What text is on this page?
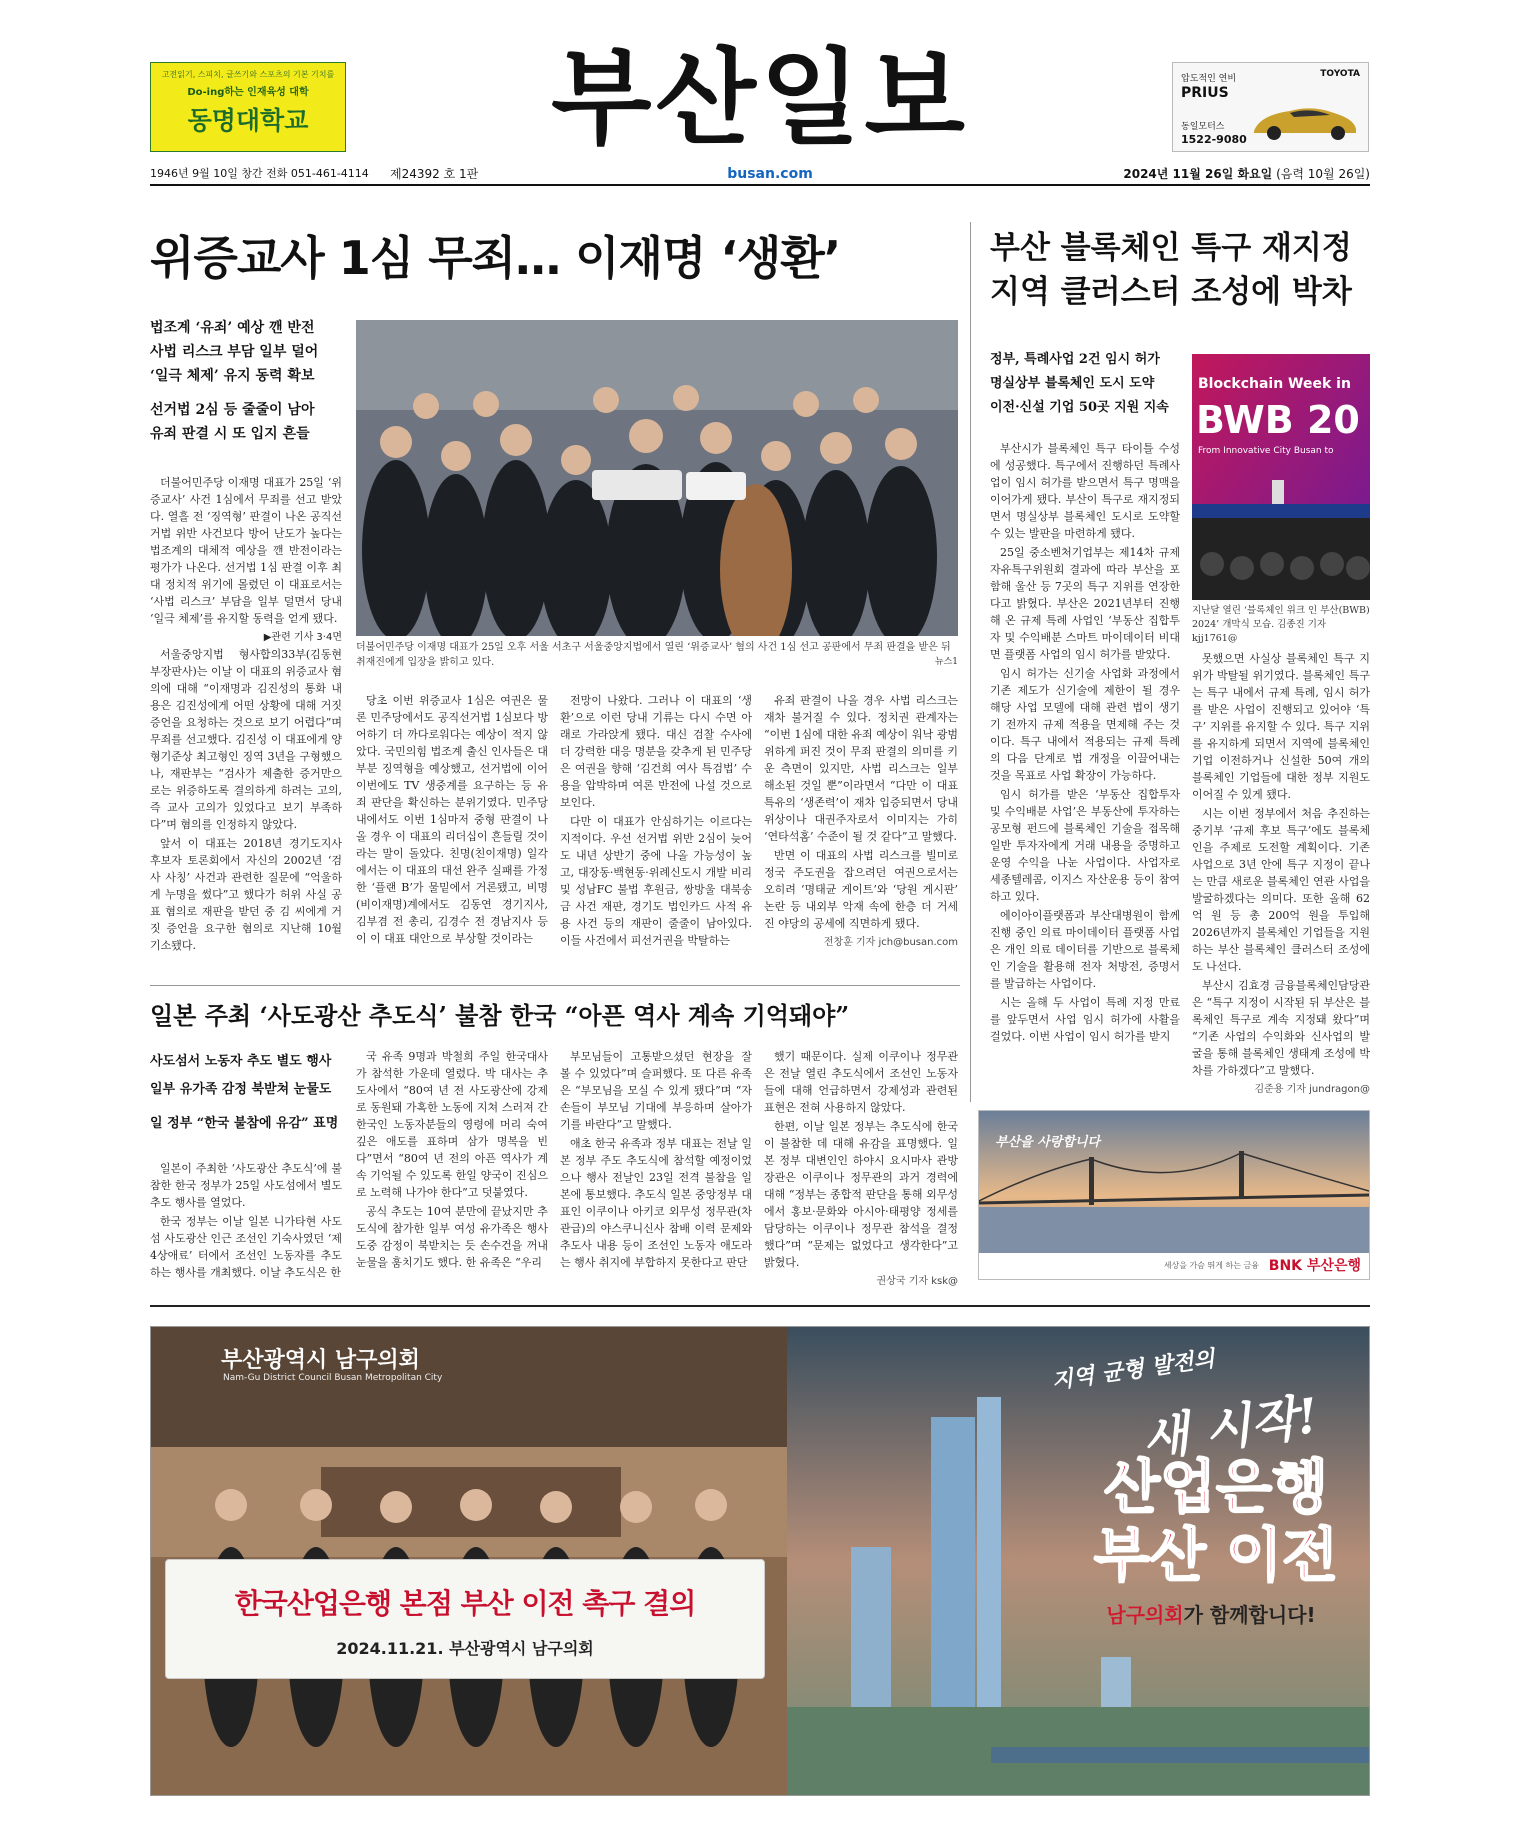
고전읽기, 스피치, 글쓰기와 스포츠의 기본 기치를
Do-ing하는 인재육성 대학
동명대학교	부산일보	압도적인 연비
PRIUS
동일모터스
1522-9080
TOYOTA
1946년 9월 10일 창간 전화 051-461-4114 제24392 호 1판	busan.com	2024년 11월 26일 화요일 (음력 10월 26일)
위증교사 1심 무죄… 이재명 ‘생환’

법조계 ‘유죄’ 예상 깬 반전

사법 리스크 부담 일부 덜어

‘일극 체제’ 유지 동력 확보

선거법 2심 등 줄줄이 남아

유죄 판결 시 또 입지 흔들

더불어민주당 이재명 대표가 25일 ‘위증교사’ 사건 1심에서 무죄를 선고 받았다. 열흘 전 ‘징역형’ 판결이 나온 공직선거법 위반 사건보다 방어 난도가 높다는 법조계의 대체적 예상을 깬 반전이라는 평가가 나온다. 선거법 1심 판결 이후 최대 정치적 위기에 몰렸던 이 대표로서는 ‘사법 리스크’ 부담을 일부 덜면서 당내 ‘일극 체제’를 유지할 동력을 얻게 됐다.

▶관련 기사 3·4면

서울중앙지법 형사합의33부(김동현 부장판사)는 이날 이 대표의 위증교사 혐의에 대해 “이재명과 김진성의 통화 내용은 김진성에게 어떤 상황에 대해 거짓 증언을 요청하는 것으로 보기 어렵다”며 무죄를 선고했다. 김진성 이 대표에게 양형기준상 최고형인 징역 3년을 구형했으나, 재판부는 “검사가 제출한 증거만으로는 위증하도록 결의하게 하려는 고의, 즉 교사 고의가 있었다고 보기 부족하다”며 혐의를 인정하지 않았다.

앞서 이 대표는 2018년 경기도지사 후보자 토론회에서 자신의 2002년 ‘검사 사칭’ 사건과 관련한 질문에 “억울하게 누명을 썼다”고 했다가 허위 사실 공표 혐의로 재판을 받던 중 김 씨에게 거짓 증언을 요구한 혐의로 지난해 10월 기소됐다.

더불어민주당 이재명 대표가 25일 오후 서울 서초구 서울중앙지법에서 열린 ‘위증교사’ 혐의 사건 1심 선고 공판에서 무죄 판결을 받은 뒤 취재진에게 입장을 밝히고 있다.	뉴스1

당초 이번 위증교사 1심은 여권은 물론 민주당에서도 공직선거법 1심보다 방어하기 더 까다로워다는 예상이 적지 않았다. 국민의힘 법조계 출신 인사들은 대부분 징역형을 예상했고, 선거법에 이어 이번에도 TV 생중계를 요구하는 등 유죄 판단을 확신하는 분위기였다. 민주당 내에서도 이번 1심마저 중형 판결이 나올 경우 이 대표의 리더십이 흔들릴 것이라는 말이 돌았다. 친명(친이재명) 일각에서는 이 대표의 대선 완주 실패를 가정한 ‘플랜 B’가 물밑에서 거론됐고, 비명(비이재명)계에서도 김동연 경기지사, 김부겸 전 총리, 김경수 전 경남지사 등이 이 대표 대안으로 부상할 것이라는

전망이 나왔다. 그러나 이 대표의 ‘생환’으로 이런 당내 기류는 다시 수면 아래로 가라앉게 됐다. 대신 검찰 수사에 더 강력한 대응 명분을 갖추게 된 민주당은 여권을 향해 ‘김건희 여사 특검법’ 수용을 압박하며 여론 반전에 나설 것으로 보인다.

다만 이 대표가 안심하기는 이르다는 지적이다. 우선 선거법 위반 2심이 늦어도 내년 상반기 중에 나올 가능성이 높고, 대장동·백현동·위례신도시 개발 비리 및 성남FC 불법 후원금, 쌍방울 대북송금 사건 재판, 경기도 법인카드 사적 유용 사건 등의 재판이 줄줄이 남아있다. 이들 사건에서 피선거권을 박탈하는

유죄 판결이 나올 경우 사법 리스크는 재차 불거질 수 있다. 정치권 관계자는 “이번 1심에 대한 유죄 예상이 워낙 광범위하게 퍼진 것이 무죄 판결의 의미를 키운 측면이 있지만, 사법 리스크는 일부 해소된 것일 뿐”이라면서 “다만 이 대표 특유의 ‘생존력’이 재차 입증되면서 당내 위상이나 대권주자로서 이미지는 가히 ‘연타석홈’ 수준이 될 것 같다”고 말했다.

반면 이 대표의 사법 리스크를 빌미로 정국 주도권을 잡으려던 여권으로서는 오히려 ‘명태균 게이트’와 ‘당원 게시판’ 논란 등 내외부 악재 속에 한층 더 거세진 야당의 공세에 직면하게 됐다.

전창훈 기자 jch@busan.com
부산 블록체인 특구 재지정
지역 클러스터 조성에 박차

정부, 특례사업 2건 임시 허가

명실상부 블록체인 도시 도약

이전·신설 기업 50곳 지원 지속

Blockchain Week in
BWB 20
From Innovative City Busan to
지난달 열린 ‘블록체인 위크 인 부산(BWB) 2024’ 개막식 모습. 김종진 기자 kjj1761@

부산시가 블록체인 특구 타이틀 수성에 성공했다. 특구에서 진행하던 특례사업이 임시 허가를 받으면서 특구 명맥을 이어가게 됐다. 부산이 특구로 재지정되면서 명실상부 블록체인 도시로 도약할 수 있는 발판을 마련하게 됐다.

25일 중소벤처기업부는 제14차 규제자유특구위원회 결과에 따라 부산을 포함해 울산 등 7곳의 특구 지위를 연장한다고 밝혔다. 부산은 2021년부터 진행해 온 규제 특례 사업인 ‘부동산 집합투자 및 수익배분 스마트 마이데이터 비대면 플랫폼 사업의 임시 허가를 받았다.

임시 허가는 신기술 사업화 과정에서 기존 제도가 신기술에 제한이 될 경우 해당 사업 모델에 대해 관련 법이 생기기 전까지 규제 적용을 면제해 주는 것이다. 특구 내에서 적용되는 규제 특례의 다음 단계로 법 개정을 이끌어내는 것을 목표로 사업 확장이 가능하다.

임시 허가를 받은 ‘부동산 집합투자 및 수익배분 사업’은 부동산에 투자하는 공모형 펀드에 블록체인 기술을 접목해 일반 투자자에게 거래 내용을 증명하고 운영 수익을 나눈 사업이다. 사업자로 세종텔레콤, 이지스 자산운용 등이 참여하고 있다.

에이아이플랫폼과 부산대병원이 함께 진행 중인 의료 마이데이터 플랫폼 사업은 개인 의료 데이터를 기반으로 블록체인 기술을 활용해 전자 처방전, 증명서를 발급하는 사업이다.

시는 올해 두 사업이 특례 지정 만료를 앞두면서 사업 임시 허가에 사활을 걸었다. 이번 사업이 임시 허가를 받지

못했으면 사실상 블록체인 특구 지위가 박탈될 위기였다. 블록체인 특구는 특구 내에서 규제 특례, 임시 허가를 받은 사업이 진행되고 있어야 ‘특구’ 지위를 유지할 수 있다. 특구 지위를 유지하게 되면서 지역에 블록체인 기업 이전하거나 신설한 50여 개의 블록체인 기업들에 대한 정부 지원도 이어질 수 있게 됐다.

시는 이번 정부에서 처음 추진하는 중기부 ‘규제 후보 특구’에도 블록체인을 주제로 도전할 계획이다. 기존 사업으로 3년 안에 특구 지정이 끝나는 만큼 새로운 블록체인 연관 사업을 발굴하겠다는 의미다. 또한 올해 62억 원 등 총 200억 원을 투입해 2026년까지 블록체인 기업들을 지원하는 부산 블록체인 클러스터 조성에도 나선다.

부산시 김효경 금융블록체인담당관은 “특구 지정이 시작된 뒤 부산은 블록체인 특구로 계속 지정돼 왔다”며 “기존 사업의 수익화와 신사업의 발굴을 통해 블록체인 생태계 조성에 박차를 가하겠다”고 말했다.

김준용 기자 jundragon@
일본 주최 ‘사도광산 추도식’ 불참 한국 “아픈 역사 계속 기억돼야”

사도섬서 노동자 추도 별도 행사

일부 유가족 감정 북받쳐 눈물도

일 정부 “한국 불참에 유감” 표명

일본이 주최한 ‘사도광산 추도식’에 불참한 한국 정부가 25일 사도섬에서 별도 추도 행사를 열었다.

한국 정부는 이날 일본 니가타현 사도섬 사도광산 인근 조선인 기숙사였던 ‘제4상애료’ 터에서 조선인 노동자를 추도하는 행사를 개최했다. 이날 추도식은 한

국 유족 9명과 박철희 주일 한국대사가 참석한 가운데 열렸다. 박 대사는 추도사에서 “80여 년 전 사도광산에 강제로 동원돼 가혹한 노동에 지쳐 스러져 간 한국인 노동자분들의 영령에 머리 숙여 깊은 애도를 표하며 삼가 명복을 빈다”면서 “80여 년 전의 아픈 역사가 계속 기억될 수 있도록 한일 양국이 진심으로 노력해 나가야 한다”고 덧붙였다.

공식 추도는 10여 분만에 끝났지만 추도식에 참가한 일부 여성 유가족은 행사 도중 감정이 북받치는 듯 손수건을 꺼내 눈물을 훔치기도 했다. 한 유족은 “우리

부모님들이 고통받으셨던 현장을 잘 볼 수 있었다”며 슬퍼했다. 또 다른 유족은 “부모님을 모실 수 있게 됐다”며 “자손들이 부모님 기대에 부응하며 살아가기를 바란다”고 말했다.

애초 한국 유족과 정부 대표는 전날 일본 정부 주도 추도식에 참석할 예정이었으나 행사 전날인 23일 전격 불참을 일본에 통보했다. 추도식 일본 중앙정부 대표인 이쿠이나 아키코 외무성 정무관(차관급)의 야스쿠니신사 참배 이력 문제와 추도사 내용 등이 조선인 노동자 애도라는 행사 취지에 부합하지 못한다고 판단

했기 때문이다. 실제 이쿠이나 정무관은 전날 열린 추도식에서 조선인 노동자들에 대해 언급하면서 강제성과 관련된 표현은 전혀 사용하지 않았다.

한편, 이날 일본 정부는 추도식에 한국이 불참한 데 대해 유감을 표명했다. 일본 정부 대변인인 하야시 요시마사 관방장관은 이쿠이나 정무관의 과거 경력에 대해 “정부는 종합적 판단을 통해 외무성에서 홍보·문화와 아시아·태평양 정세를 담당하는 이쿠이나 정무관 참석을 결정했다”며 “문제는 없었다고 생각한다”고 밝혔다.

권상국 기자 ksk@
부산을 사랑합니다
세상을 가슴 뛰게 하는 금융 BNK 부산은행
부산광역시 남구의회
Nam-Gu District Council Busan Metropolitan City
한국산업은행 본점 부산 이전 촉구 결의
2024.11.21. 부산광역시 남구의회
지역 균형 발전의
새 시작!
산업은행
부산 이전
남구의회가 함께합니다!
